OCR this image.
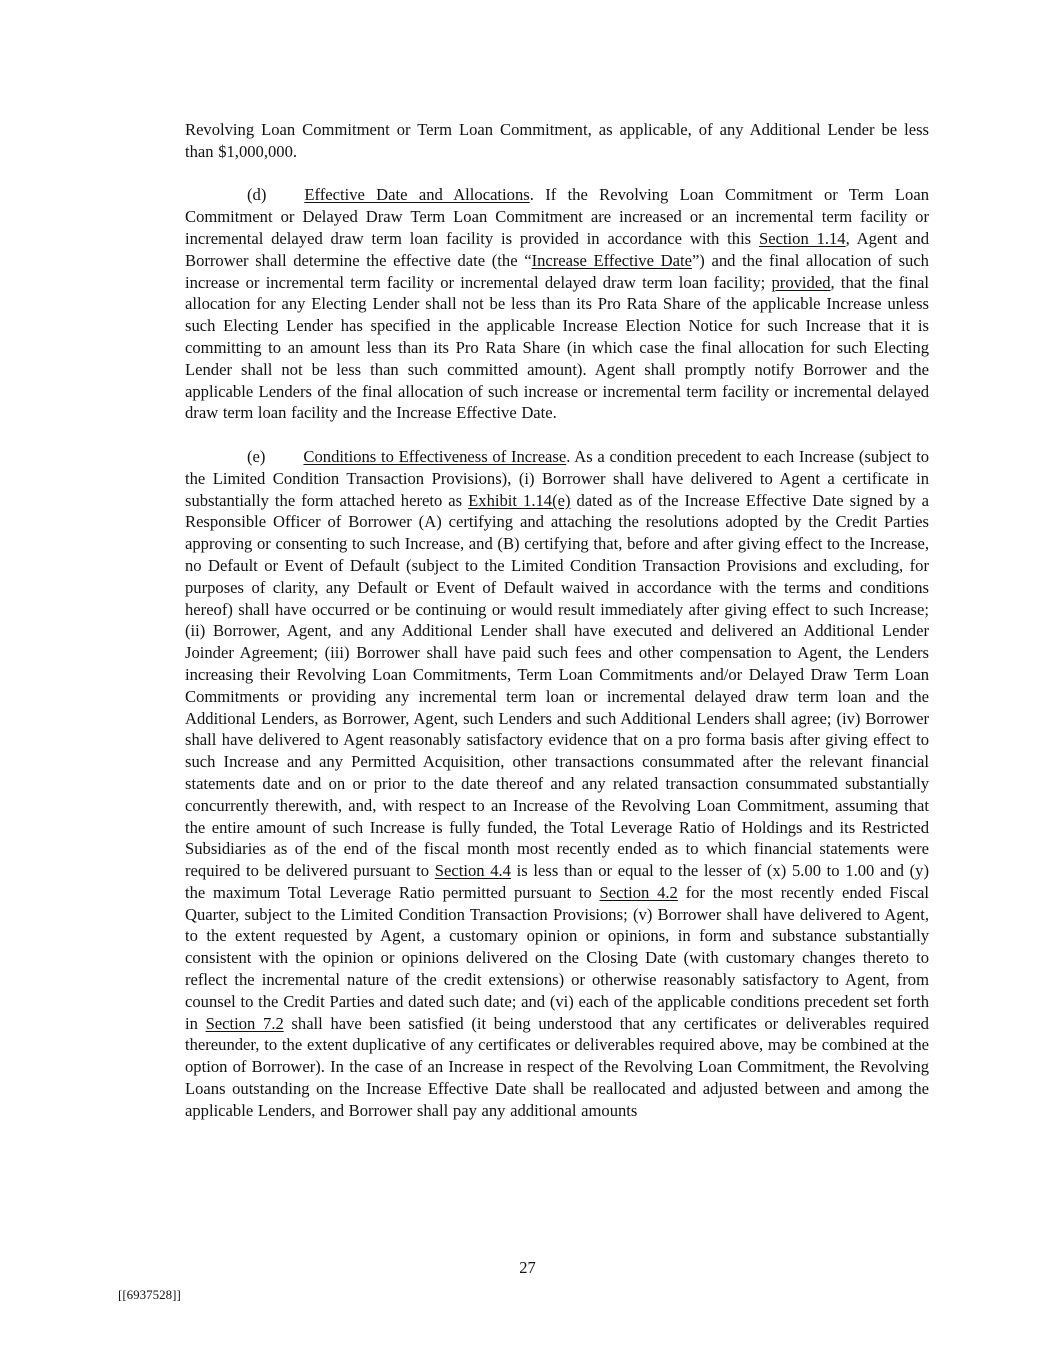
Revolving Loan Commitment or Term Loan Commitment, as applicable, of any Additional Lender be less than $1,000,000.

(d) Effective Date and Allocations. If the Revolving Loan Commitment or Term Loan Commitment or Delayed Draw Term Loan Commitment are increased or an incremental term facility or incremental delayed draw term loan facility is provided in accordance with this Section 1.14, Agent and Borrower shall determine the effective date (the “Increase Effective Date”) and the final allocation of such increase or incremental term facility or incremental delayed draw term loan facility; provided, that the final allocation for any Electing Lender shall not be less than its Pro Rata Share of the applicable Increase unless such Electing Lender has specified in the applicable Increase Election Notice for such Increase that it is committing to an amount less than its Pro Rata Share (in which case the final allocation for such Electing Lender shall not be less than such committed amount). Agent shall promptly notify Borrower and the applicable Lenders of the final allocation of such increase or incremental term facility or incremental delayed draw term loan facility and the Increase Effective Date.

(e) Conditions to Effectiveness of Increase. As a condition precedent to each Increase (subject to the Limited Condition Transaction Provisions), (i) Borrower shall have delivered to Agent a certificate in substantially the form attached hereto as Exhibit 1.14(e) dated as of the Increase Effective Date signed by a Responsible Officer of Borrower (A) certifying and attaching the resolutions adopted by the Credit Parties approving or consenting to such Increase, and (B) certifying that, before and after giving effect to the Increase, no Default or Event of Default (subject to the Limited Condition Transaction Provisions and excluding, for purposes of clarity, any Default or Event of Default waived in accordance with the terms and conditions hereof) shall have occurred or be continuing or would result immediately after giving effect to such Increase; (ii) Borrower, Agent, and any Additional Lender shall have executed and delivered an Additional Lender Joinder Agreement; (iii) Borrower shall have paid such fees and other compensation to Agent, the Lenders increasing their Revolving Loan Commitments, Term Loan Commitments and/or Delayed Draw Term Loan Commitments or providing any incremental term loan or incremental delayed draw term loan and the Additional Lenders, as Borrower, Agent, such Lenders and such Additional Lenders shall agree; (iv) Borrower shall have delivered to Agent reasonably satisfactory evidence that on a pro forma basis after giving effect to such Increase and any Permitted Acquisition, other transactions consummated after the relevant financial statements date and on or prior to the date thereof and any related transaction consummated substantially concurrently therewith, and, with respect to an Increase of the Revolving Loan Commitment, assuming that the entire amount of such Increase is fully funded, the Total Leverage Ratio of Holdings and its Restricted Subsidiaries as of the end of the fiscal month most recently ended as to which financial statements were required to be delivered pursuant to Section 4.4 is less than or equal to the lesser of (x) 5.00 to 1.00 and (y) the maximum Total Leverage Ratio permitted pursuant to Section 4.2 for the most recently ended Fiscal Quarter, subject to the Limited Condition Transaction Provisions; (v) Borrower shall have delivered to Agent, to the extent requested by Agent, a customary opinion or opinions, in form and substance substantially consistent with the opinion or opinions delivered on the Closing Date (with customary changes thereto to reflect the incremental nature of the credit extensions) or otherwise reasonably satisfactory to Agent, from counsel to the Credit Parties and dated such date; and (vi) each of the applicable conditions precedent set forth in Section 7.2 shall have been satisfied (it being understood that any certificates or deliverables required thereunder, to the extent duplicative of any certificates or deliverables required above, may be combined at the option of Borrower). In the case of an Increase in respect of the Revolving Loan Commitment, the Revolving Loans outstanding on the Increase Effective Date shall be reallocated and adjusted between and among the applicable Lenders, and Borrower shall pay any additional amounts

27
[[6937528]]
